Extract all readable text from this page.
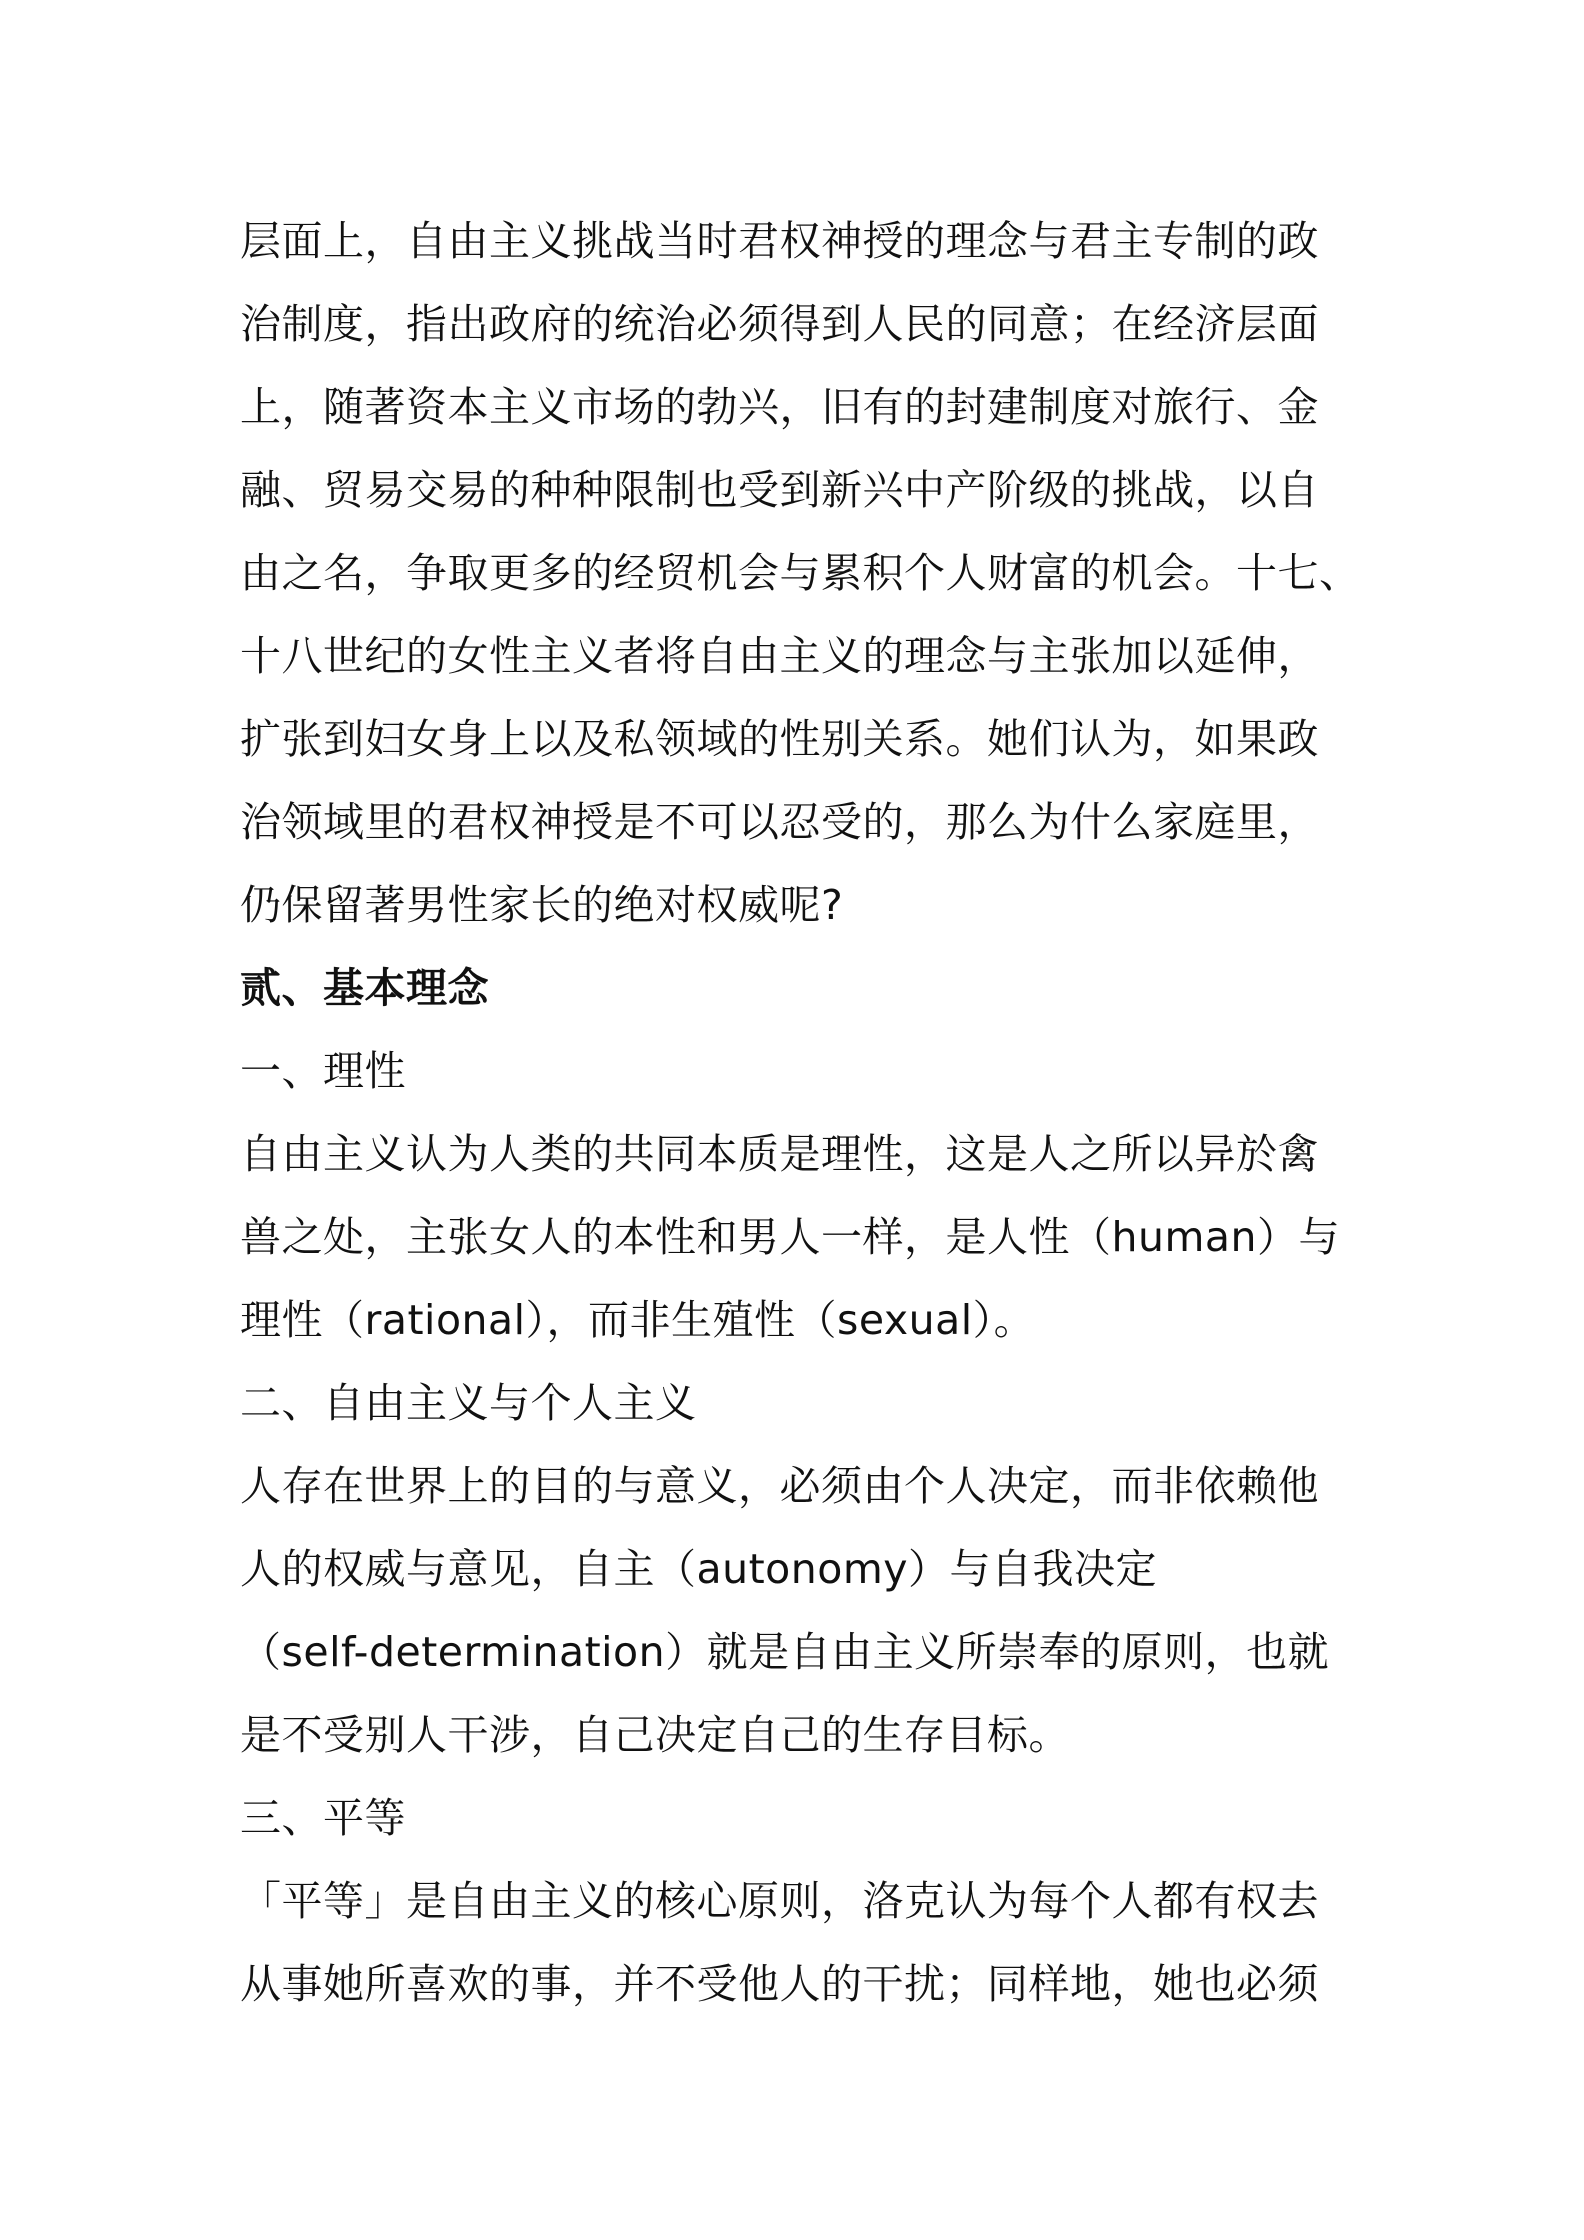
层面上，自由主义挑战当时君权神授的理念与君主专制的政
治制度，指出政府的统治必须得到人民的同意；在经济层面
上，随著资本主义市场的勃兴，旧有的封建制度对旅行、金
融、贸易交易的种种限制也受到新兴中产阶级的挑战，以自
由之名，争取更多的经贸机会与累积个人财富的机会。十七、
十八世纪的女性主义者将自由主义的理念与主张加以延伸，
扩张到妇女身上以及私领域的性别关系。她们认为，如果政
治领域里的君权神授是不可以忍受的，那么为什么家庭里，
仍保留著男性家长的绝对权威呢?
贰、基本理念
一、理性
自由主义认为人类的共同本质是理性，这是人之所以异於禽
兽之处，主张女人的本性和男人一样，是人性（human）与
理性（rational），而非生殖性（sexual）。
二、自由主义与个人主义
人存在世界上的目的与意义，必须由个人决定，而非依赖他
人的权威与意见，自主（autonomy）与自我决定
（self-determination）就是自由主义所崇奉的原则，也就
是不受别人干涉，自己决定自己的生存目标。
三、平等
「平等」是自由主义的核心原则，洛克认为每个人都有权去
从事她所喜欢的事，并不受他人的干扰；同样地，她也必须
